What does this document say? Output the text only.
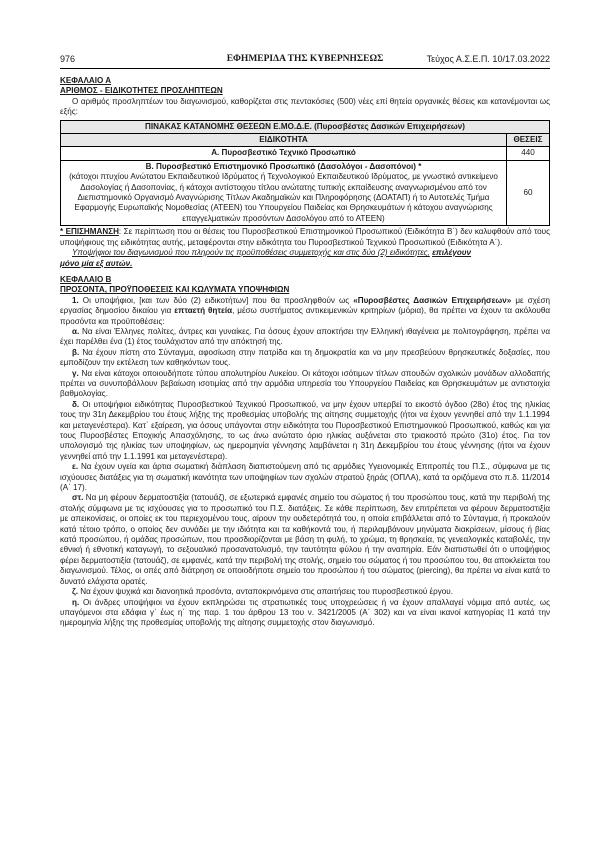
976	ΕΦΗΜΕΡΙΔΑ ΤΗΣ ΚΥΒΕΡΝΗΣΕΩΣ	Τεύχος Α.Σ.Ε.Π. 10/17.03.2022

ΚΕΦΑΛΑΙΟ Α

ΑΡΙΘΜΟΣ - ΕΙΔΙΚΟΤΗΤΕΣ ΠΡΟΣΛΗΠΤΕΩΝ

Ο αριθμός προσληπτέων του διαγωνισμού, καθορίζεται στις πεντακόσιες (500) νέες επί θητεία οργανικές θέσεις και κατανέμονται ως εξής:

ΠΙΝΑΚΑΣ ΚΑΤΑΝΟΜΗΣ ΘΕΣΕΩΝ Ε.ΜΟ.Δ.Ε. (Πυροσβέστες Δασικών Επιχειρήσεων)	
ΕΙΔΙΚΟΤΗΤΑ	ΘΕΣΕΙΣ
Α. Πυροσβεστικό Τεχνικό Προσωπικό	440

Β. Πυροσβεστικό Επιστημονικό Προσωπικό (Δασολόγοι - Δασοπόνοι) *
(κάτοχοι πτυχίου Ανώτατου Εκπαιδευτικού Ιδρύματος ή Τεχνολογικού Εκπαιδευτικού Ιδρύματος, με γνωστικό αντικείμενο Δασολογίας ή Δασοπονίας, ή κάτοχοι αντίστοιχου τίτλου ανώτατης τυπικής εκπαίδευσης αναγνωρισμένου από τον Διεπιστημονικό Οργανισμό Αναγνώρισης Τίτλων Ακαδημαϊκών και Πληροφόρησης (ΔΟΑΤΑΠ) ή το Αυτοτελές Τμήμα Εφαρμογής Ευρωπαϊκής Νομοθεσίας (ΑΤΕΕΝ) του Υπουργείου Παιδείας και Θρησκευμάτων ή κάτοχου αναγνώρισης επαγγελματικών προσόντων Δασολόγου από το ΑΤΕΕΝ)	60

* ΕΠΙΣΗΜΑΝΣΗ: Σε περίπτωση που οι θέσεις του Πυροσβεστικού Επιστημονικού Προσωπικού (Ειδικότητα Β΄) δεν καλυφθούν από τους υποψήφιους της ειδικότητας αυτής, μεταφέρονται στην ειδικότητα του Πυροσβεστικού Τεχνικού Προσωπικού (Ειδικότητα Α΄).

Υποψήφιοι του διαγωνισμού που πληρούν τις προϋποθέσεις συμμετοχής και στις δύο (2) ειδικότητες, επιλέγουν
μόνο μία εξ αυτών.

ΚΕΦΑΛΑΙΟ Β

ΠΡΟΣΟΝΤΑ, ΠΡΟΫΠΟΘΕΣΕΙΣ ΚΑΙ ΚΩΛΥΜΑΤΑ ΥΠΟΨΗΦΙΩΝ

1. Οι υποψήφιοι, [και των δύο (2) ειδικοτήτων] που θα προσληφθούν ως «Πυροσβέστες Δασικών Επιχειρήσεων» με σχέση εργασίας δημοσίου δικαίου για επταετή θητεία, μέσω συστήματος αντικειμενικών κριτηρίων (μόρια), θα πρέπει να έχουν τα ακόλουθα προσόντα και προϋποθέσεις:

α. Να είναι Έλληνες πολίτες, άντρες και γυναίκες. Για όσους έχουν αποκτήσει την Ελληνική ιθαγένεια με πολιτογράφηση, πρέπει να έχει παρέλθει ένα (1) έτος τουλάχιστον από την απόκτησή της.

β. Να έχουν πίστη στο Σύνταγμα, αφοσίωση στην πατρίδα και τη δημοκρατία και να μην πρεσβεύουν θρησκευτικές δοξασίες, που εμποδίζουν την εκτέλεση των καθηκόντων τους.

γ. Να είναι κάτοχοι οποιουδήποτε τύπου απολυτηρίου Λυκείου. Οι κάτοχοι ισότιμων τίτλων σπουδών σχολικών μονάδων αλλοδαπής πρέπει να συνυποβάλλουν βεβαίωση ισοτιμίας από την αρμόδια υπηρεσία του Υπουργείου Παιδείας και Θρησκευμάτων με αντιστοιχία βαθμολογίας.

δ. Οι υποψήφιοι ειδικότητας Πυροσβεστικού Τεχνικού Προσωπικού, να μην έχουν υπερβεί το εικοστό όγδοο (28ο) έτος της ηλικίας τους την 31η Δεκεμβρίου του έτους λήξης της προθεσμίας υποβολής της αίτησης συμμετοχής (ήτοι να έχουν γεννηθεί από την 1.1.1994 και μεταγενέστερα). Κατ΄ εξαίρεση, για όσους υπάγονται στην ειδικότητα του Πυροσβεστικού Επιστημονικού Προσωπικού, καθώς και για τους Πυροσβέστες Εποχικής Απασχόλησης, το ως άνω ανώτατο όριο ηλικίας αυξάνεται στο τριακοστό πρώτο (31ο) έτος. Για τον υπολογισμό της ηλικίας των υποψηφίων, ως ημερομηνία γέννησης λαμβάνεται η 31η Δεκεμβρίου του έτους γέννησης (ήτοι να έχουν γεννηθεί από την 1.1.1991 και μεταγενέστερα).

ε. Να έχουν υγεία και άρτια σωματική διάπλαση διαπιστούμενη από τις αρμόδιες Υγειονομικές Επιτροπές του Π.Σ., σύμφωνα με τις ισχύουσες διατάξεις για τη σωματική ικανότητα των υποψηφίων των σχολών στρατού ξηράς (ΟΠΛΑ), κατά τα οριζόμενα στο π.δ. 11/2014 (Α΄ 17).

στ. Να μη φέρουν δερματοστιξία (τατουάζ), σε εξωτερικά εμφανές σημείο του σώματος ή του προσώπου τους, κατά την περιβολή της στολής σύμφωνα με τις ισχύουσες για το προσωπικό του Π.Σ. διατάξεις. Σε κάθε περίπτωση, δεν επιτρέπεται να φέρουν δερματοστιξία με απεικονίσεις, οι οποίες εκ του περιεχομένου τους, αίρουν την ουδετερότητά του, η οποία επιβάλλεται από το Σύνταγμα, ή προκαλούν κατά τέτοιο τρόπο, ο οποίος δεν συνάδει με την ιδιότητα και τα καθήκοντά του, ή περιλαμβάνουν μηνύματα διακρίσεων, μίσους ή βίας κατά προσώπου, ή ομάδας προσώπων, που προσδιορίζονται με βάση τη φυλή, το χρώμα, τη θρησκεία, τις γενεαλογικές καταβολές, την εθνική ή εθνοτική καταγωγή, το σεξουαλικό προσανατολισμό, την ταυτότητα φύλου ή την αναπηρία. Εάν διαπιστωθεί ότι ο υποψήφιος φέρει δερματοστιξία (τατουάζ), σε εμφανές, κατά την περιβολή της στολής, σημείο του σώματος ή του προσώπου του, θα αποκλείεται του διαγωνισμού. Τέλος, οι οπές από διάτρηση σε οποιοδήποτε σημείο του προσώπου ή του σώματος (piercing), θα πρέπει να είναι κατά το δυνατό ελάχιστα ορατές.

ζ. Να έχουν ψυχικά και διανοητικά προσόντα, ανταποκρινόμενα στις απαιτήσεις του πυροσβεστικού έργου.

η. Οι άνδρες υποψήφιοι να έχουν εκπληρώσει τις στρατιωτικές τους υποχρεώσεις ή να έχουν απαλλαγεί νόμιμα από αυτές, ως υπαγόμενοι στα εδάφια γ΄ έως η΄ της παρ. 1 του άρθρου 13 του ν. 3421/2005 (Α΄ 302) και να είναι ικανοί κατηγορίας Ι1 κατά την ημερομηνία λήξης της προθεσμίας υποβολής της αίτησης συμμετοχής στον διαγωνισμό.
